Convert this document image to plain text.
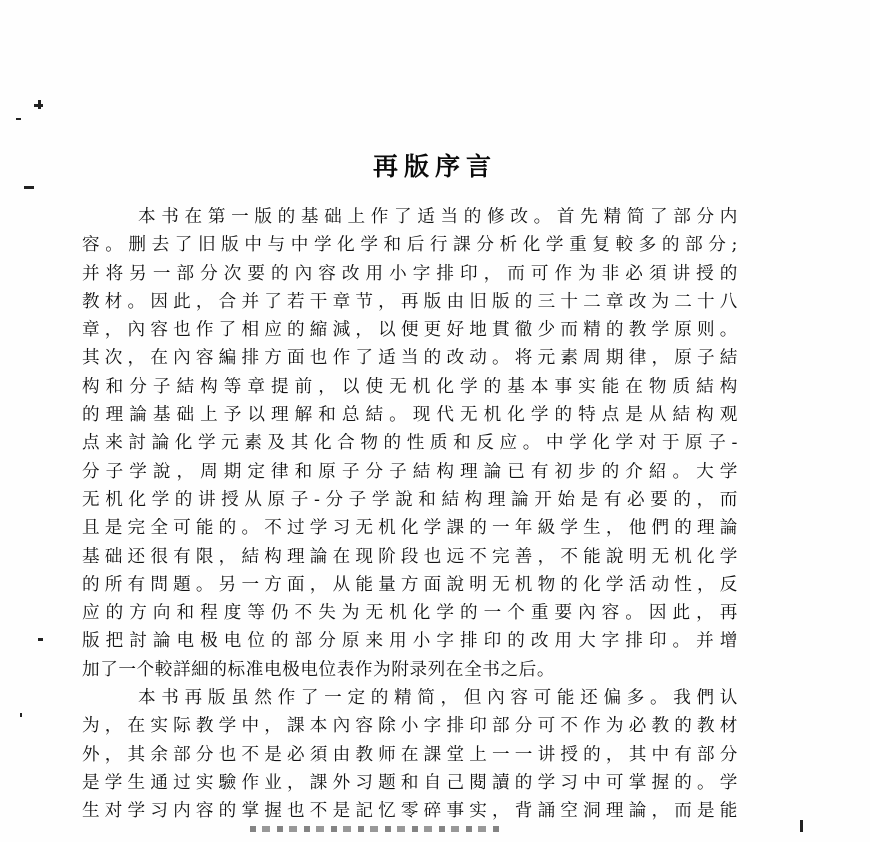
再版序言
本书在第一版的基础上作了适当的修改。首先精简了部分内
容。删去了旧版中与中学化学和后行課分析化学重复較多的部分;
并将另一部分次要的內容改用小字排印，而可作为非必須讲授的
教材。因此，合并了若干章节，再版由旧版的三十二章改为二十八
章，內容也作了相应的縮減，以便更好地貫徹少而精的教学原则。
其次，在內容編排方面也作了适当的改动。将元素周期律，原子結
构和分子結构等章提前，以使无机化学的基本事实能在物质結构
的理論基础上予以理解和总結。现代无机化学的特点是从結构观
点来討論化学元素及其化合物的性质和反应。中学化学对于原子-
分子学說，周期定律和原子分子結构理論已有初步的介紹。大学
无机化学的讲授从原子-分子学說和結构理論开始是有必要的，而
且是完全可能的。不过学习无机化学課的一年級学生，他們的理論
基础还很有限，結构理論在现阶段也远不完善，不能說明无机化学
的所有問題。另一方面，从能量方面說明无机物的化学活动性，反
应的方向和程度等仍不失为无机化学的一个重要內容。因此，再
版把討論电极电位的部分原来用小字排印的改用大字排印。并增
加了一个較詳細的标准电极电位表作为附录列在全书之后。
本书再版虽然作了一定的精简，但內容可能还偏多。我們认
为，在实际教学中，課本內容除小字排印部分可不作为必教的教材
外，其余部分也不是必須由教师在課堂上一一讲授的，其中有部分
是学生通过实驗作业，課外习题和自己閱讀的学习中可掌握的。学
生对学习内容的掌握也不是記忆零碎事实，背誦空洞理論，而是能
